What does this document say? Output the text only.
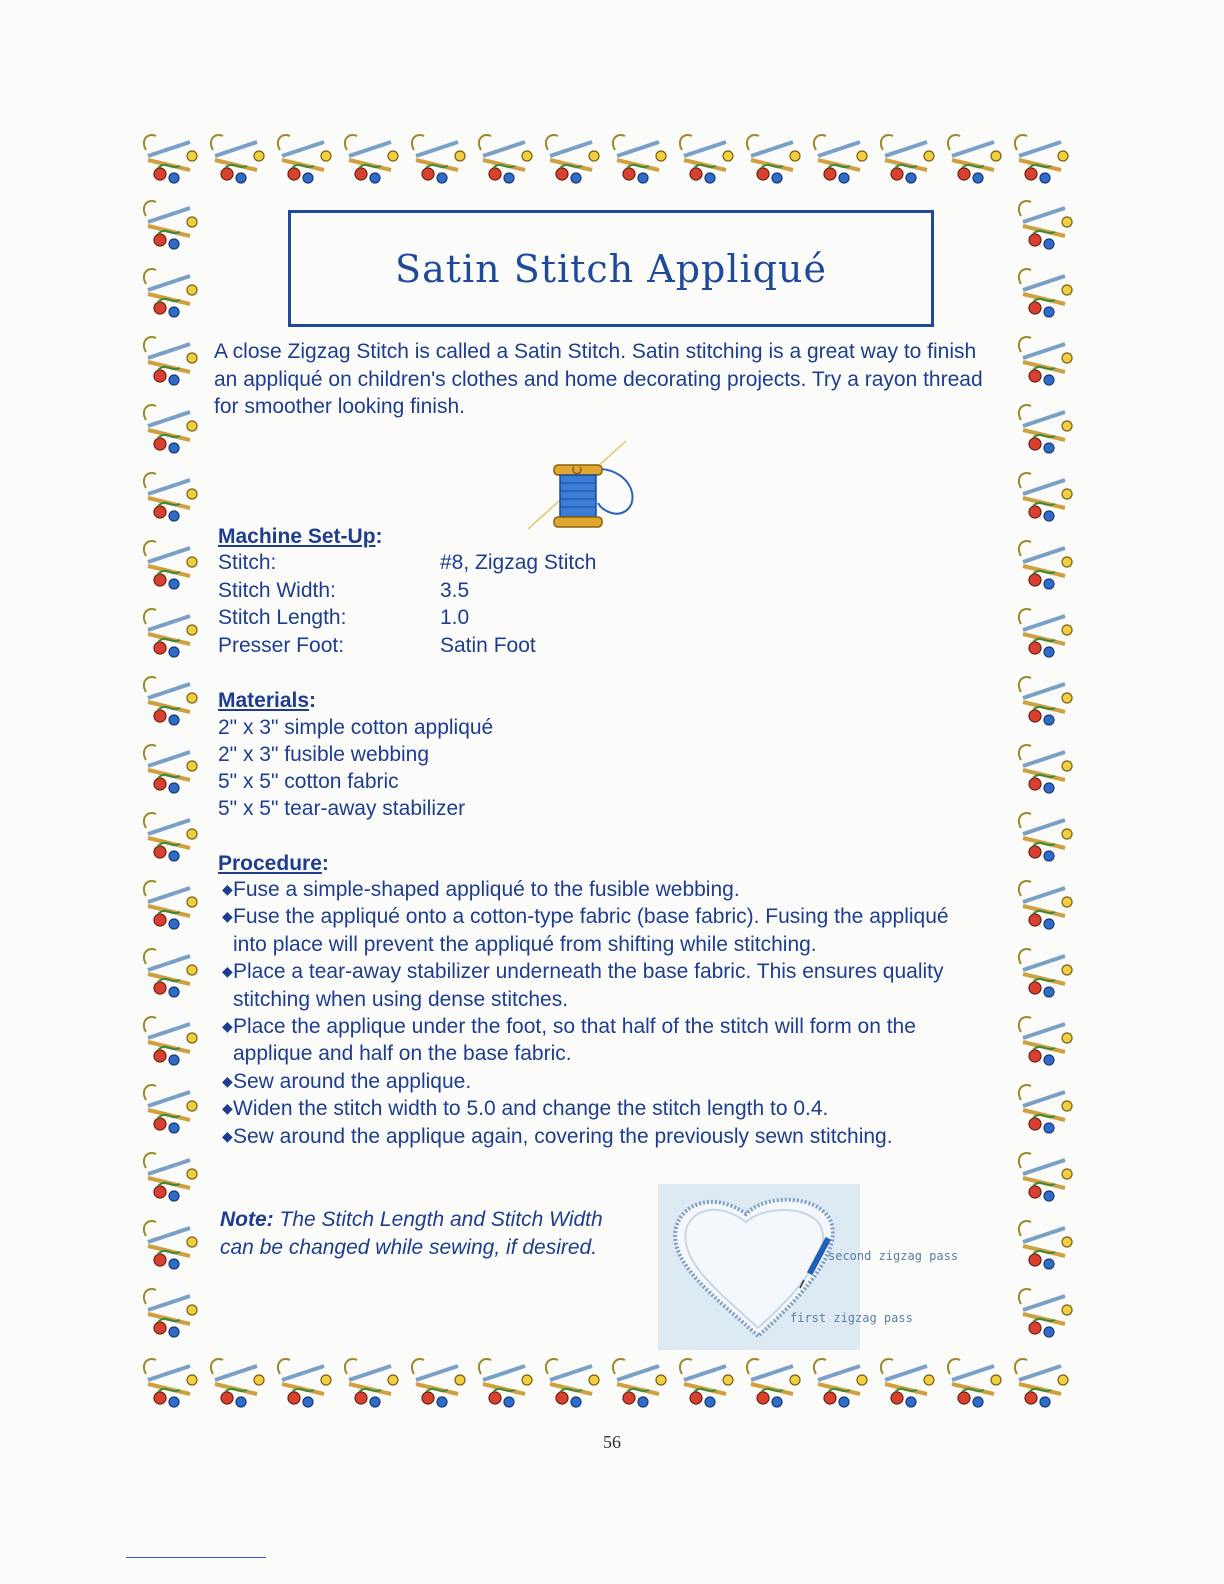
Satin Stitch Appliqué

A close Zigzag Stitch is called a Satin Stitch. Satin stitching is a great way to finish an appliqué on children's clothes and home decorating projects. Try a rayon thread for smoother looking finish.

Machine Set-Up:
Stitch:	#8, Zigzag Stitch
Stitch Width:	3.5
Stitch Length:	1.0
Presser Foot:	Satin Foot
Materials:
2" x 3" simple cotton appliqué
2" x 3" fusible webbing
5" x 5" cotton fabric
5" x 5" tear-away stabilizer
Procedure:
◆ Fuse a simple-shaped appliqué to the fusible webbing.
◆ Fuse the appliqué onto a cotton-type fabric (base fabric). Fusing the appliqué into place will prevent the appliqué from shifting while stitching.
◆ Place a tear-away stabilizer underneath the base fabric. This ensures quality stitching when using dense stitches.
◆ Place the applique under the foot, so that half of the stitch will form on the applique and half on the base fabric.
◆ Sew around the applique.
◆ Widen the stitch width to 5.0 and change the stitch length to 0.4.
◆ Sew around the applique again, covering the previously sewn stitching.
Note: The Stitch Length and Stitch Width can be changed while sewing, if desired.	second zigzag pass
first zigzag pass
56
